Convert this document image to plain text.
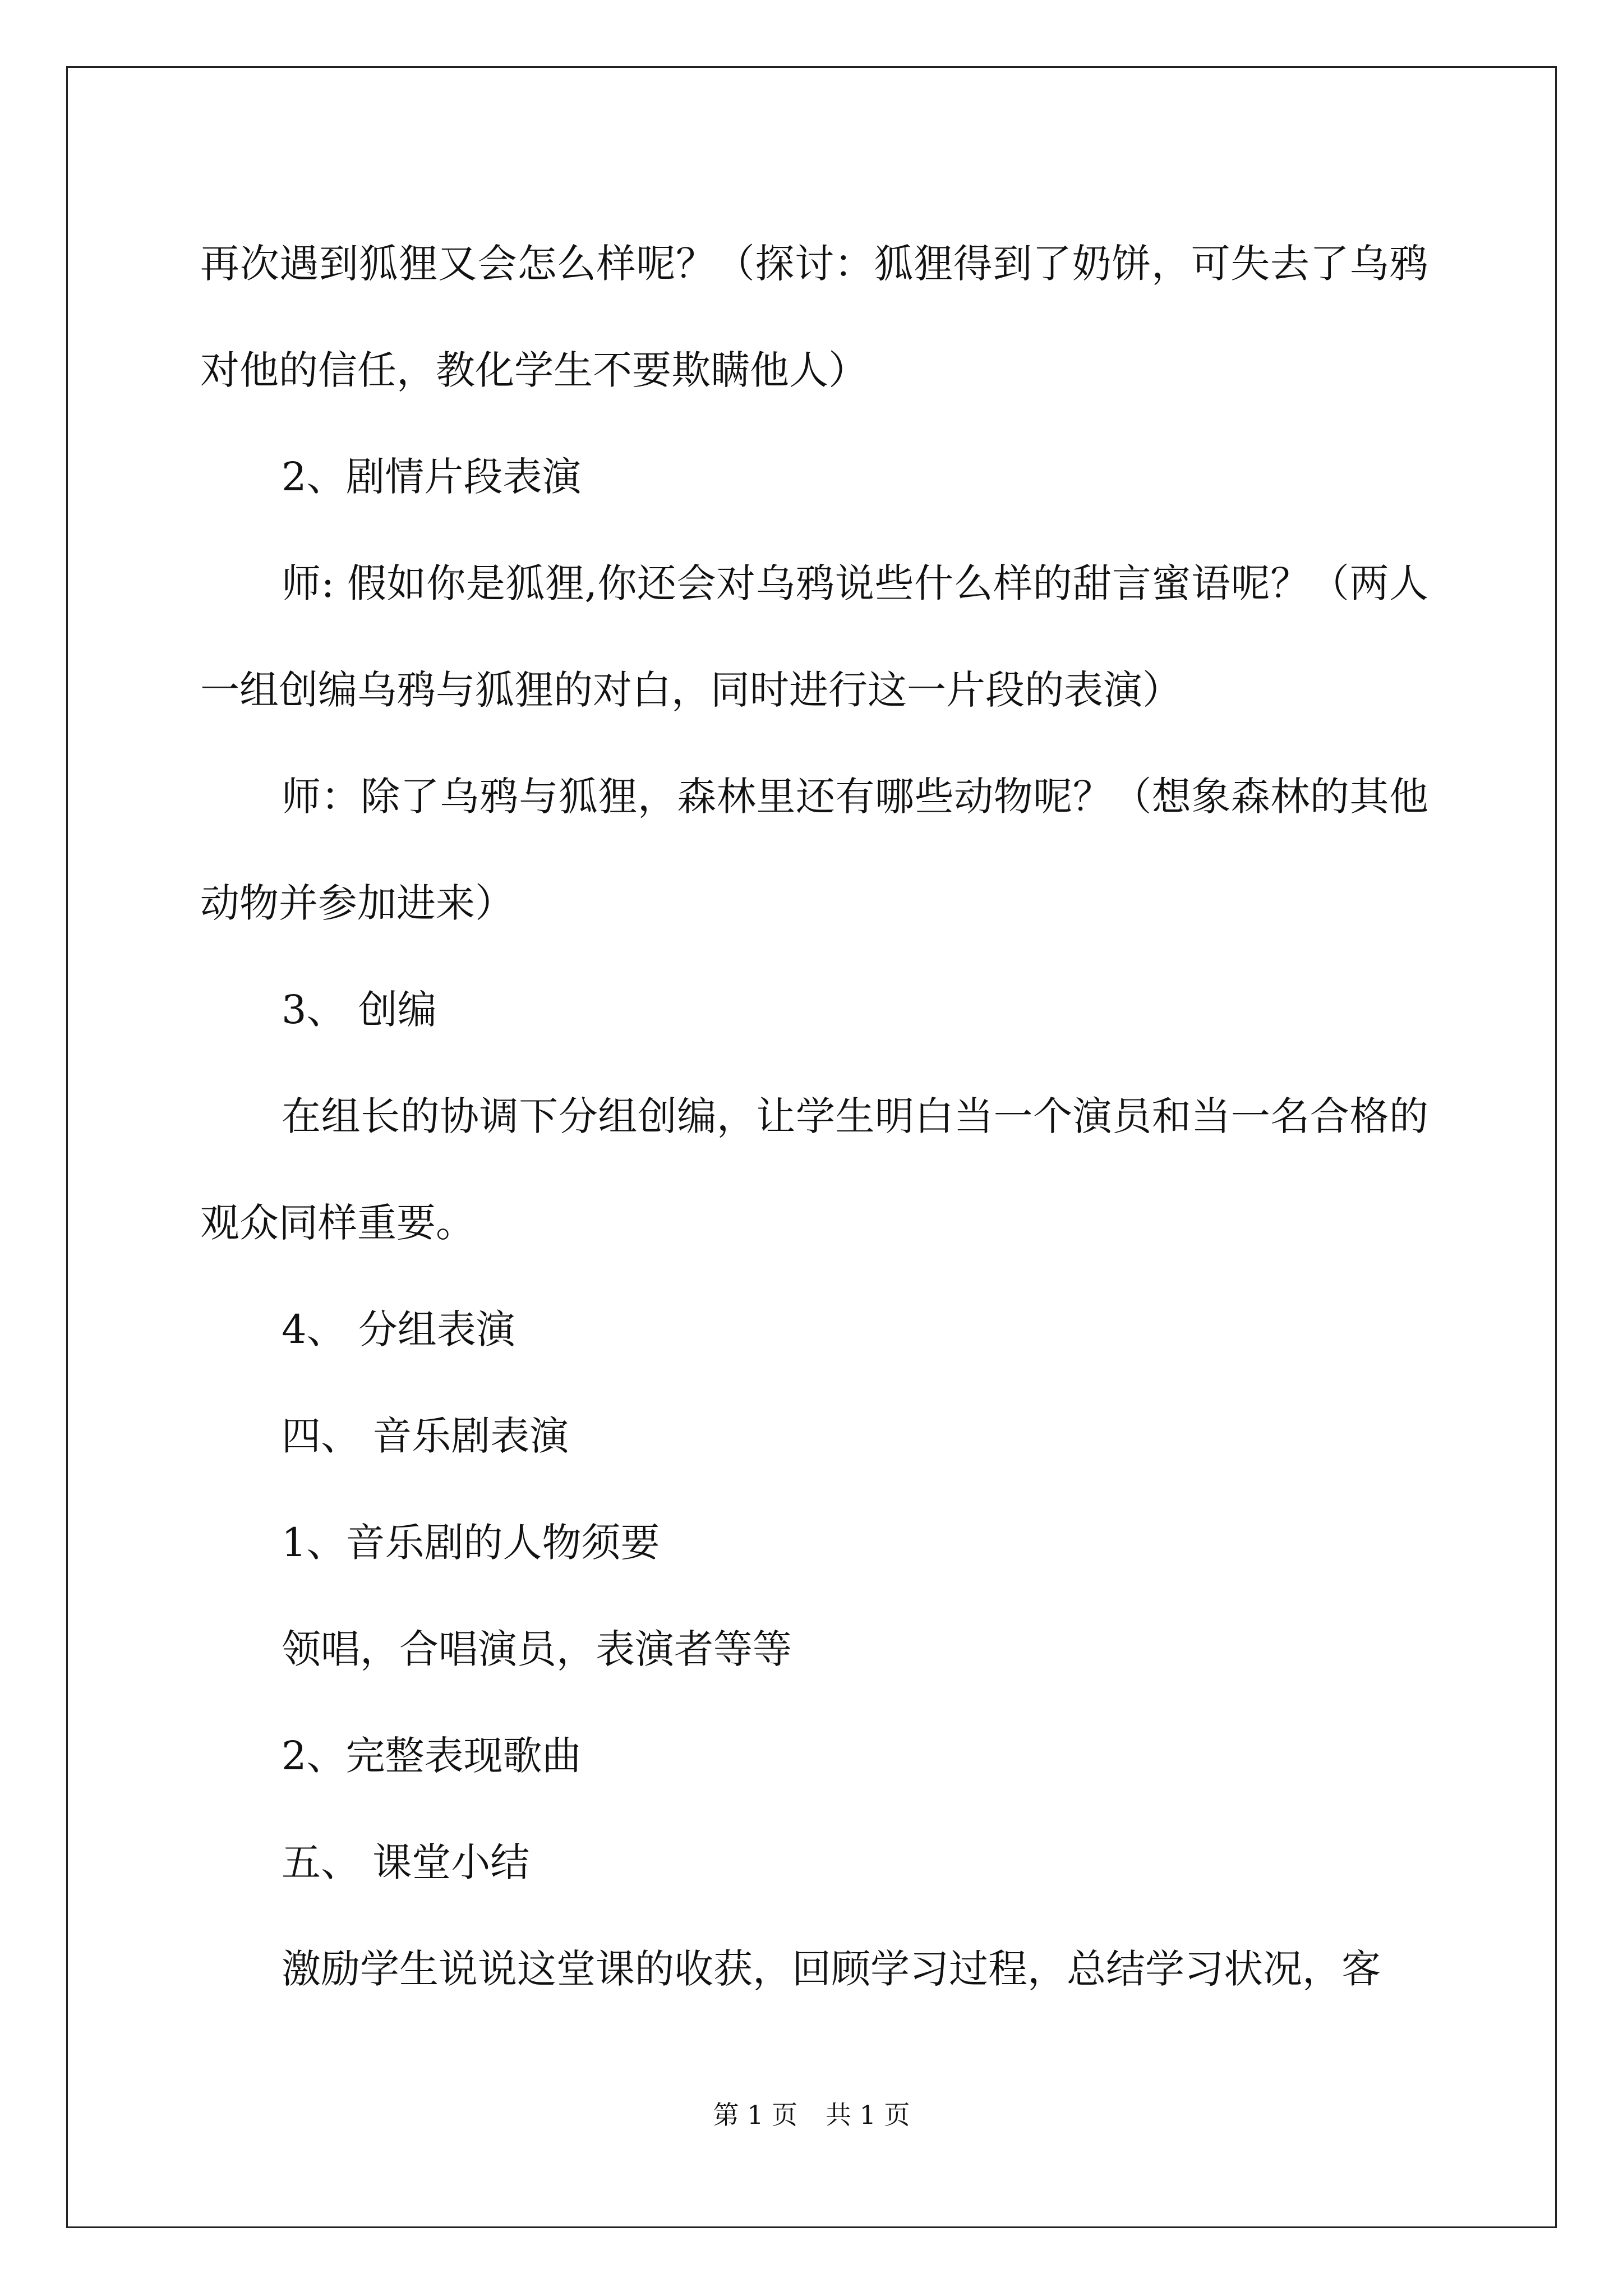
再次遇到狐狸又会怎么样呢？（探讨：狐狸得到了奶饼，可失去了乌鸦对他的信任，教化学生不要欺瞒他人）

2、剧情片段表演

师: 假如你是狐狸,你还会对乌鸦说些什么样的甜言蜜语呢？（两人一组创编乌鸦与狐狸的对白，同时进行这一片段的表演）

师：除了乌鸦与狐狸，森林里还有哪些动物呢？（想象森林的其他动物并参加进来）

3、 创编

在组长的协调下分组创编，让学生明白当一个演员和当一名合格的观众同样重要。

4、 分组表演

四、 音乐剧表演

1、音乐剧的人物须要

领唱，合唱演员，表演者等等

2、完整表现歌曲

五、 课堂小结

激励学生说说这堂课的收获，回顾学习过程，总结学习状况，客

第 1 页 共 1 页
